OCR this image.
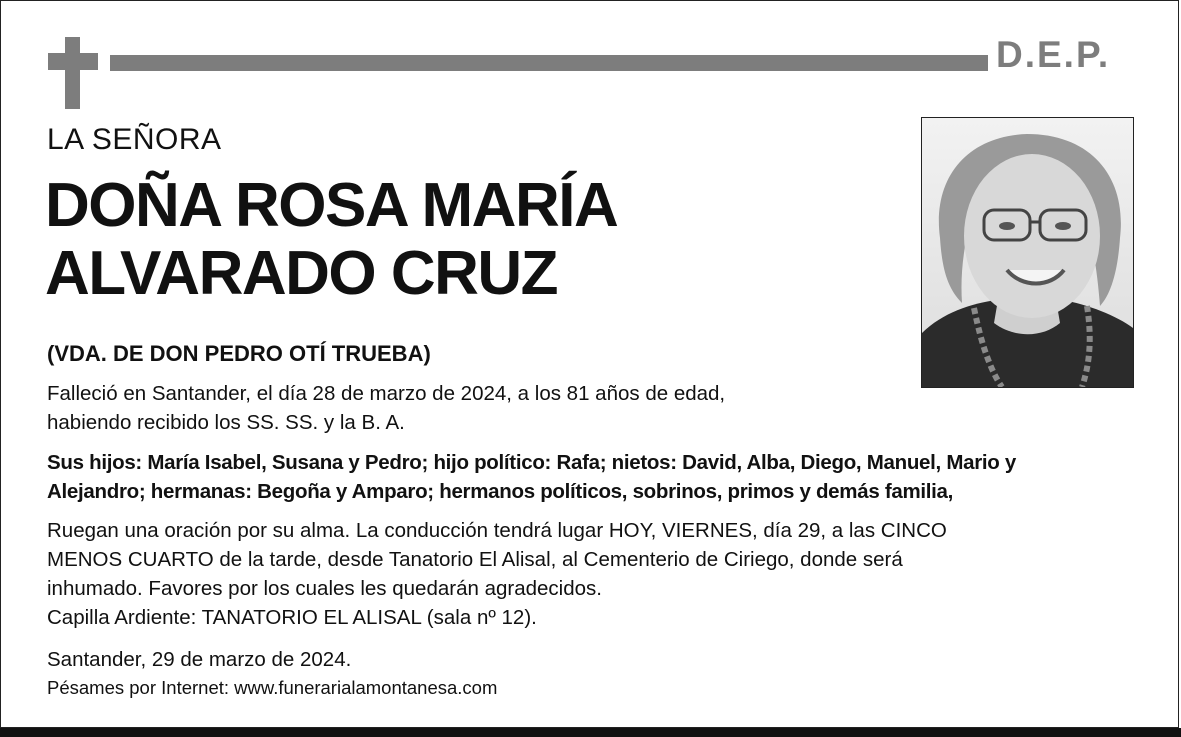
D.E.P.
LA SEÑORA
DOÑA ROSA MARÍA
ALVARADO CRUZ
(VDA. DE DON PEDRO OTÍ TRUEBA)
Falleció en Santander, el día 28 de marzo de 2024, a los 81 años de edad,
habiendo recibido los SS. SS. y la B. A.
Sus hijos: María Isabel, Susana y Pedro; hijo político: Rafa; nietos: David, Alba, Diego, Manuel, Mario y
Alejandro; hermanas: Begoña y Amparo; hermanos políticos, sobrinos, primos y demás familia,
Ruegan una oración por su alma. La conducción tendrá lugar HOY, VIERNES, día 29, a las CINCO
MENOS CUARTO de la tarde, desde Tanatorio El Alisal, al Cementerio de Ciriego, donde será
inhumado. Favores por los cuales les quedarán agradecidos.
Capilla Ardiente: TANATORIO EL ALISAL (sala nº 12).
Santander, 29 de marzo de 2024.
Pésames por Internet: www.funerarialamontanesa.com
